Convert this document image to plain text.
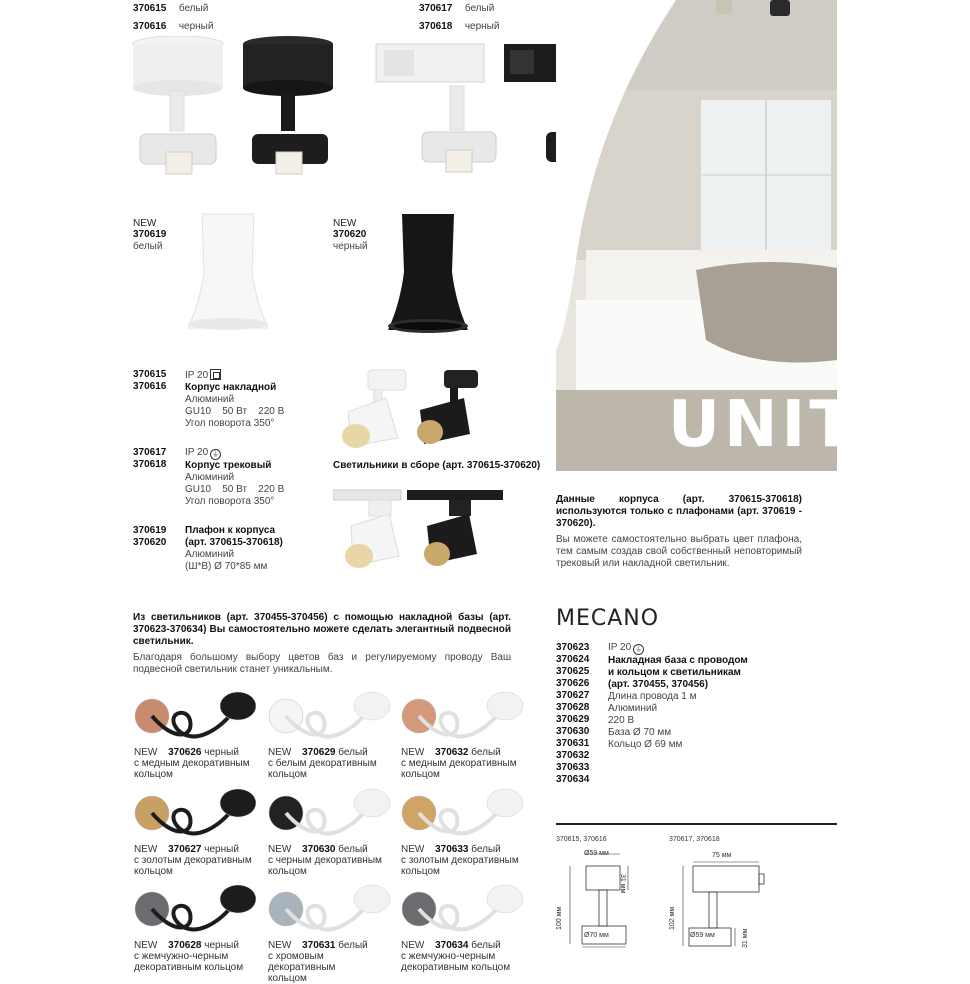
370615 белый
370616 черный
370617 белый
370618 черный
NEW
370619
белый
NEW
370620
черный
370615
370616
IP 20
Корпус накладной
Алюминий
GU10    50 Вт    220 В
Угол поворота 350°
370617
370618
IP 20 ⏚
Корпус трековый
Алюминий
GU10    50 Вт    220 В
Угол поворота 350°
370619
370620
Плафон к корпуса
(арт. 370615-370618)
Алюминий
(Ш*В) Ø 70*85 мм
Светильники в сборе (арт. 370615-370620)
UNIT
Данные корпуса (арт. 370615-370618) используются только с плафонами (арт. 370619 - 370620).
Вы можете самостоятельно выбрать цвет плафона, тем самым создав свой собственный неповторимый трековый или накладной светильник.
Из светильников (арт. 370455-370456) с помощью накладной базы (арт. 370623-370634) Вы самостоятельно можете сделать элегантный подвесной светильник.
Благодаря большому выбору цветов баз и регулируемому проводу Ваш подвесной светильник станет уникальным.
MECANO
370623
370624
370625
370626
370627
370628
370629
370630
370631
370632
370633
370634
IP 20 ⏚
Накладная база с проводом
и кольцом к светильникам
(арт. 370455, 370456)
Длина провода 1 м
Алюминий
220 В
База Ø 70 мм
Кольцо Ø 69 мм
NEW 370626 черный
с медным декоративным
кольцом
NEW 370629 белый
с белым декоративным
кольцом
NEW 370632 белый
с медным декоративным
кольцом
NEW 370627 черный
с золотым декоративным
кольцом
NEW 370630 белый
с черным декоративным
кольцом
NEW 370633 белый
с золотым декоративным
кольцом
NEW 370628 черный
с жемчужно-черным
декоративным кольцом
NEW 370631 белый
с хромовым декоративным
кольцом
NEW 370634 белый
с жемчужно-черным
декоративным кольцом
370615, 370616	370617, 370618
Ø59 мм
31 мм
100 мм
Ø70 мм
75 мм
102 мм
Ø59 мм	31 мм
